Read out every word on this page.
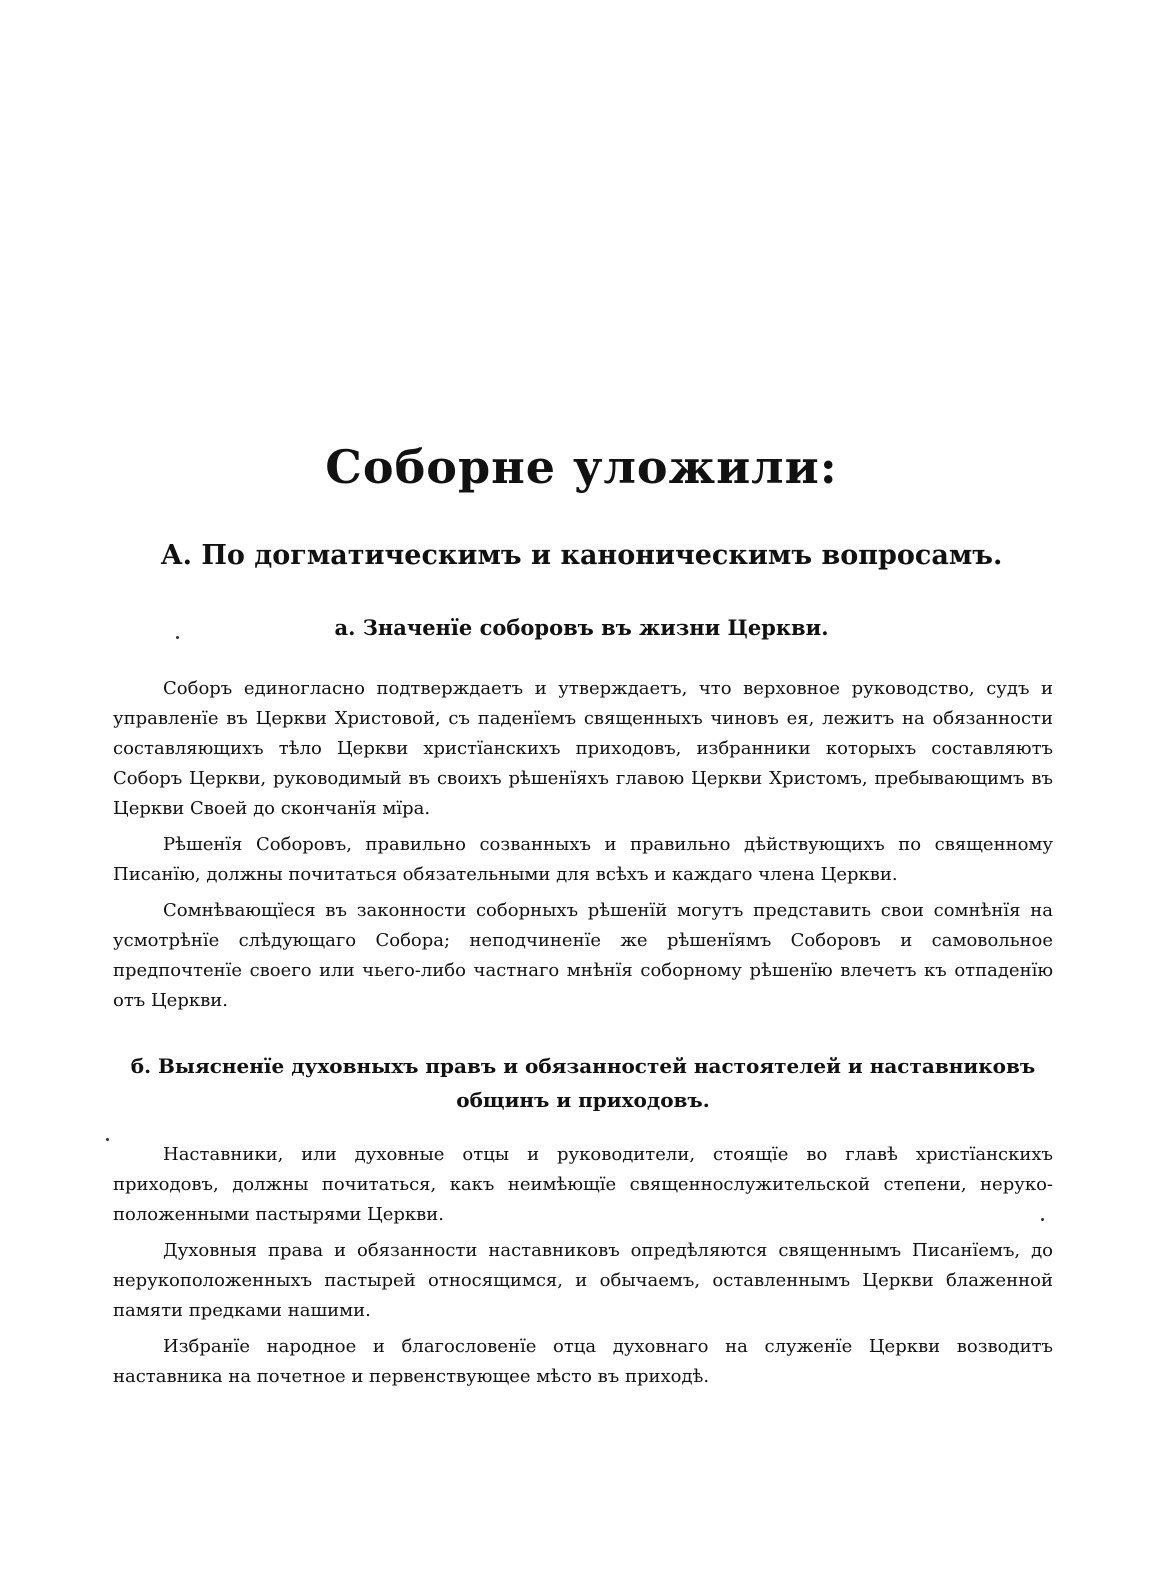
Соборне уложили:
А. По догматическимъ и каноническимъ вопросамъ.
а. Значенїе соборовъ въ жизни Церкви.

Соборъ единогласно подтверждаетъ и утверждаетъ, что верховное руководство, судъ и управленїе въ Церкви Христовой, съ паденїемъ священныхъ чиновъ ея, лежитъ на обязанности составляющихъ тѣло Церкви христїанскихъ приходовъ, избранники которыхъ составляютъ Соборъ Церкви, руководимый въ своихъ рѣшенїяхъ главою Церкви Христомъ, пребывающимъ въ Церкви Своей до скончанїя мїра.

Рѣшенїя Соборовъ, правильно созванныхъ и правильно дѣйствующихъ по священному Писанїю, должны почитаться обязательными для всѣхъ и каждаго члена Церкви.

Сомнѣвающїеся въ законности соборныхъ рѣшенїй могутъ представить свои сомнѣнїя на усмотрѣнїе слѣдующаго Собора; неподчиненїе же рѣшенїямъ Соборовъ и самовольное предпочтенїе своего или чьего-либо частнаго мнѣнїя соборному рѣшенїю влечетъ къ отпаденїю отъ Церкви.

б. Выясненїе духовныхъ правъ и обязанностей настоятелей и наставниковъ общинъ и приходовъ.

Наставники, или духовные отцы и руководители, стоящїе во главѣ христїанскихъ приходовъ, должны почитаться, какъ неимѣющїе священнослужительской степени, неруко-положенными пастырями Церкви.

Духовныя права и обязанности наставниковъ опредѣляются священнымъ Писанїемъ, до нерукоположенныхъ пастырей относящимся, и обычаемъ, оставленнымъ Церкви блаженной памяти предками нашими.

Избранїе народное и благословенїе отца духовнаго на служенїе Церкви возводитъ наставника на почетное и первенствующее мѣсто въ приходѣ.
